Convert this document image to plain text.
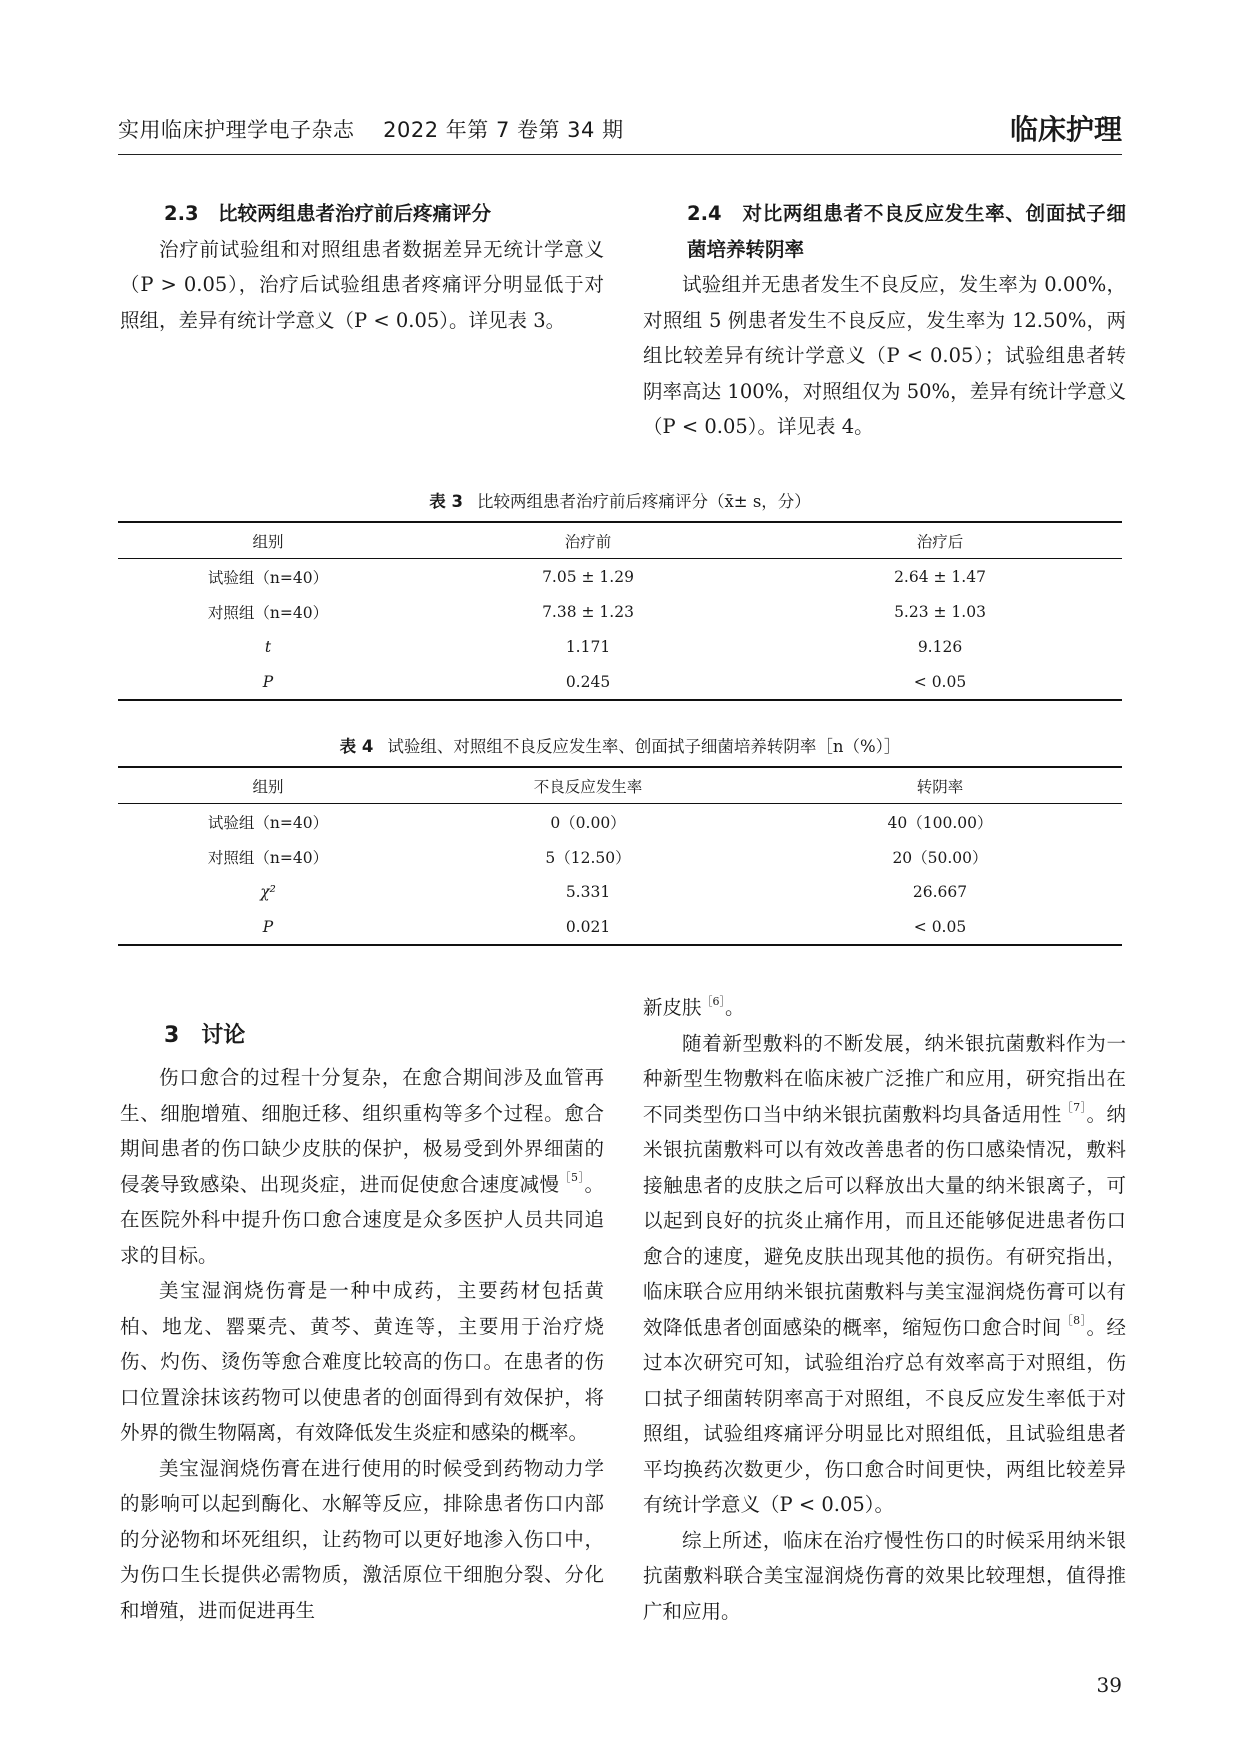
实用临床护理学电子杂志　 2022 年第 7 卷第 34 期	临床护理
2.3　比较两组患者治疗前后疼痛评分

治疗前试验组和对照组患者数据差异无统计学意义（P > 0.05），治疗后试验组患者疼痛评分明显低于对照组，差异有统计学意义（P < 0.05）。详见表 3。

2.4　对比两组患者不良反应发生率、创面拭子细菌培养转阴率

试验组并无患者发生不良反应，发生率为 0.00%，对照组 5 例患者发生不良反应，发生率为 12.50%，两组比较差异有统计学意义（P < 0.05）；试验组患者转阴率高达 100%，对照组仅为 50%，差异有统计学意义（P < 0.05）。详见表 4。

表 3 比较两组患者治疗前后疼痛评分（x̄± s，分）
组别	治疗前	治疗后
试验组（n=40）	7.05 ± 1.29	2.64 ± 1.47
对照组（n=40）	7.38 ± 1.23	5.23 ± 1.03
t	1.171	9.126
P	0.245	< 0.05
表 4 试验组、对照组不良反应发生率、创面拭子细菌培养转阴率［n（%）］
组别	不良反应发生率	转阴率
试验组（n=40）	0（0.00）	40（100.00）
对照组（n=40）	5（12.50）	20（50.00）
χ²	5.331	26.667
P	0.021	< 0.05
3　讨论

伤口愈合的过程十分复杂，在愈合期间涉及血管再生、细胞增殖、细胞迁移、组织重构等多个过程。愈合期间患者的伤口缺少皮肤的保护，极易受到外界细菌的侵袭导致感染、出现炎症，进而促使愈合速度减慢$^{[5]}$。在医院外科中提升伤口愈合速度是众多医护人员共同追求的目标。

美宝湿润烧伤膏是一种中成药，主要药材包括黄柏、地龙、罂粟壳、黄芩、黄连等，主要用于治疗烧伤、灼伤、烫伤等愈合难度比较高的伤口。在患者的伤口位置涂抹该药物可以使患者的创面得到有效保护，将外界的微生物隔离，有效降低发生炎症和感染的概率。

美宝湿润烧伤膏在进行使用的时候受到药物动力学的影响可以起到酶化、水解等反应，排除患者伤口内部的分泌物和坏死组织，让药物可以更好地渗入伤口中，为伤口生长提供必需物质，激活原位干细胞分裂、分化和增殖，进而促进再生

新皮肤$^{[6]}$。

随着新型敷料的不断发展，纳米银抗菌敷料作为一种新型生物敷料在临床被广泛推广和应用，研究指出在不同类型伤口当中纳米银抗菌敷料均具备适用性$^{[7]}$。纳米银抗菌敷料可以有效改善患者的伤口感染情况，敷料接触患者的皮肤之后可以释放出大量的纳米银离子，可以起到良好的抗炎止痛作用，而且还能够促进患者伤口愈合的速度，避免皮肤出现其他的损伤。有研究指出，临床联合应用纳米银抗菌敷料与美宝湿润烧伤膏可以有效降低患者创面感染的概率，缩短伤口愈合时间$^{[8]}$。经过本次研究可知，试验组治疗总有效率高于对照组，伤口拭子细菌转阴率高于对照组，不良反应发生率低于对照组，试验组疼痛评分明显比对照组低，且试验组患者平均换药次数更少，伤口愈合时间更快，两组比较差异有统计学意义（P < 0.05）。

综上所述，临床在治疗慢性伤口的时候采用纳米银抗菌敷料联合美宝湿润烧伤膏的效果比较理想，值得推广和应用。

39
